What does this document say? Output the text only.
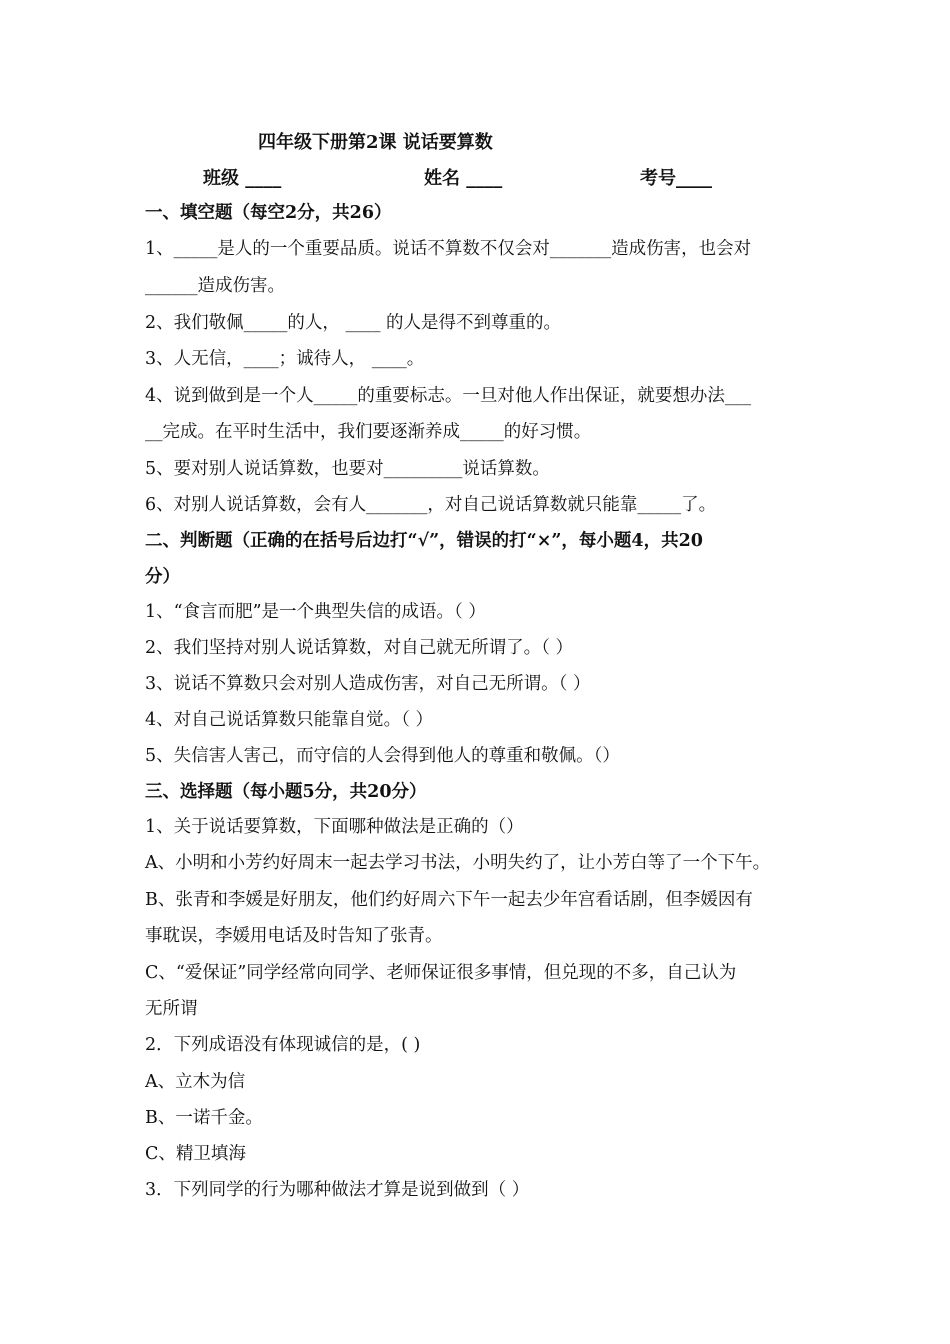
四年级下册第2课 说话要算数
班级 ____	姓名 ____	考号____
一、填空题（每空2分，共26）
1、_____是人的一个重要品质。说话不算数不仅会对_______造成伤害，也会对
______造成伤害。
2、我们敬佩_____的人， ____ 的人是得不到尊重的。
3、人无信，____；诚待人， ____。
4、说到做到是一个人_____的重要标志。一旦对他人作出保证，就要想办法___
__完成。在平时生活中，我们要逐渐养成_____的好习惯。
5、要对别人说话算数，也要对_________说话算数。
6、对别人说话算数，会有人_______，对自己说话算数就只能靠_____了。
二、判断题（正确的在括号后边打“√”，错误的打“×”，每小题4，共20
分）
1、“食言而肥”是一个典型失信的成语。（ ）
2、我们坚持对别人说话算数，对自己就无所谓了。（ ）
3、说话不算数只会对别人造成伤害，对自己无所谓。（ ）
4、对自己说话算数只能靠自觉。（ ）
5、失信害人害己，而守信的人会得到他人的尊重和敬佩。（）
三、选择题（每小题5分，共20分）
1、关于说话要算数，下面哪种做法是正确的（）
A、小明和小芳约好周末一起去学习书法，小明失约了，让小芳白等了一个下午。
B、张青和李媛是好朋友，他们约好周六下午一起去少年宫看话剧，但李媛因有
事耽误，李媛用电话及时告知了张青。
C、“爱保证”同学经常向同学、老师保证很多事情，但兑现的不多，自己认为
无所谓
2．下列成语没有体现诚信的是，( )
A、立木为信
B、一诺千金。
C、精卫填海
3．下列同学的行为哪种做法才算是说到做到（ ）
